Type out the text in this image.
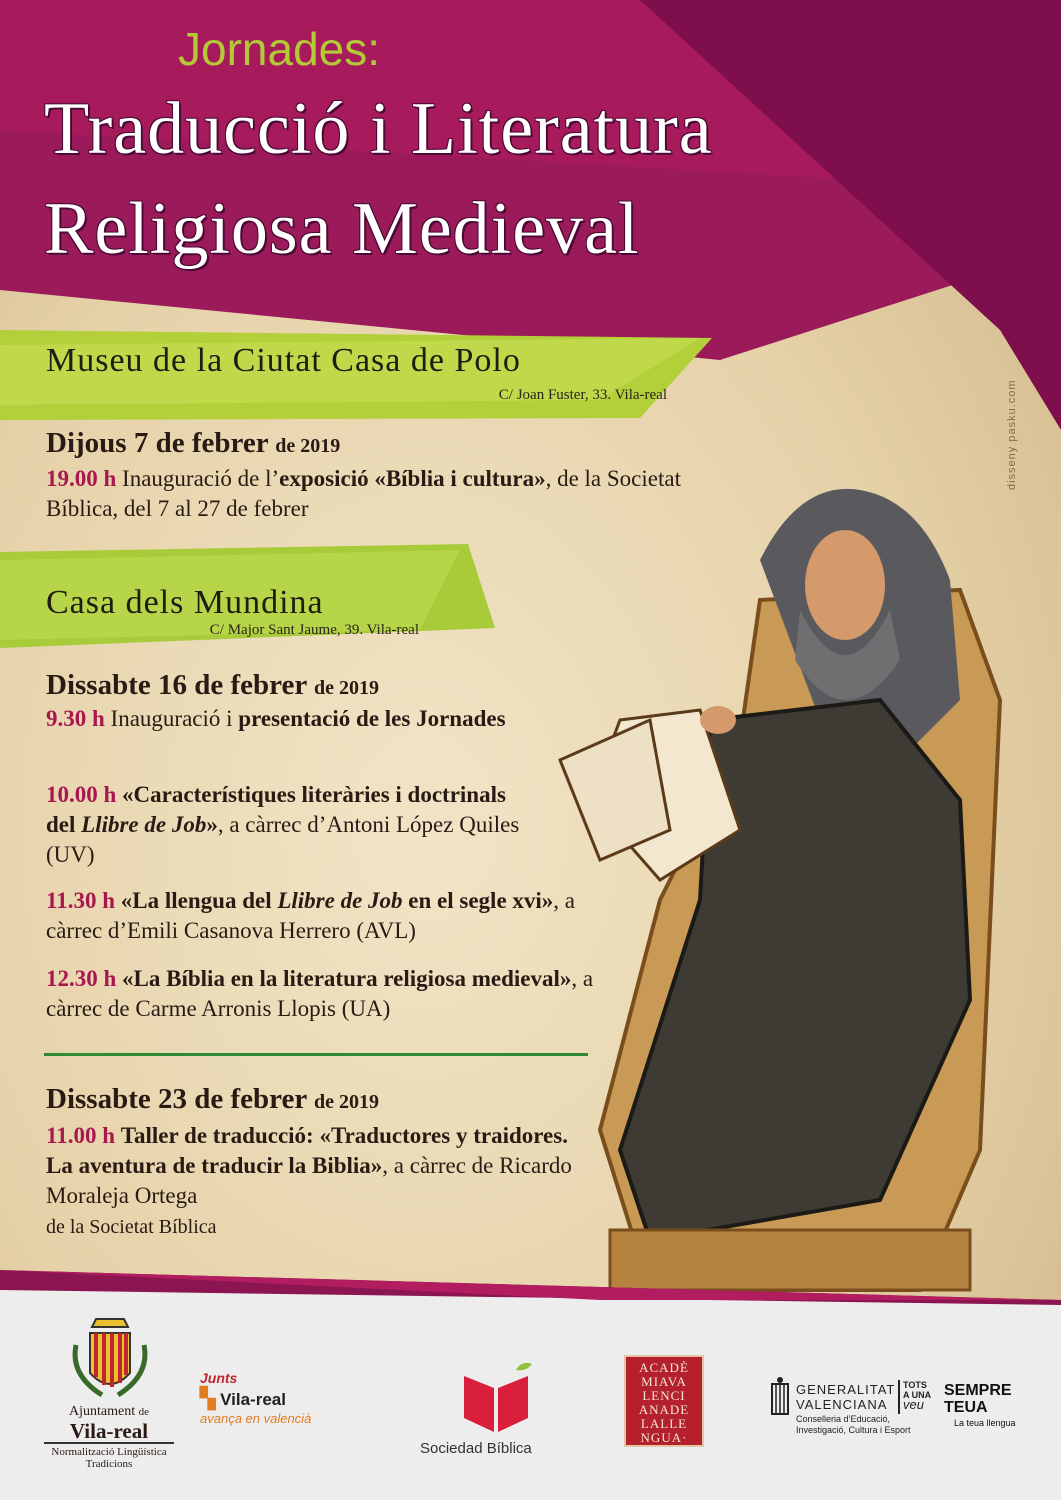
Jornades:
Traducció i Literatura
Religiosa Medieval
Museu de la Ciutat Casa de Polo
C/ Joan Fuster, 33. Vila-real
Dijous 7 de febrer de 2019
19.00 h Inauguració de l’exposició «Bíblia i cultura», de la Societat Bíblica, del 7 al 27 de febrer
Casa dels Mundina
C/ Major Sant Jaume, 39. Vila-real
Dissabte 16 de febrer de 2019
9.30 h Inauguració i presentació de les Jornades
10.00 h «Característiques literàries i doctrinals del Llibre de Job», a càrrec d’Antoni López Quiles (UV)
11.30 h «La llengua del Llibre de Job en el segle xvi», a càrrec d’Emili Casanova Herrero (AVL)
12.30 h «La Bíblia en la literatura religiosa medieval», a càrrec de Carme Arronis Llopis (UA)
Dissabte 23 de febrer de 2019
11.00 h Taller de traducció: «Traductores y traidores. La aventura de traducir la Biblia», a càrrec de Ricardo Moraleja Ortega
de la Societat Bíblica
disseny pasku.com
Ajuntament de
Vila-real
Normalització Lingüística
Tradicions
Junts
▚ Vila-real
avança en valencià
Sociedad Bíblica
ACADÈ
MIAVA
LENCI
ANADE
LALLE
NGUA·
GENERALITAT
VALENCIANA
Conselleria d’Educació,
Investigació, Cultura i Esport
TOTS
A UNA
veu
SEMPRE
TEUA
La teua llengua
